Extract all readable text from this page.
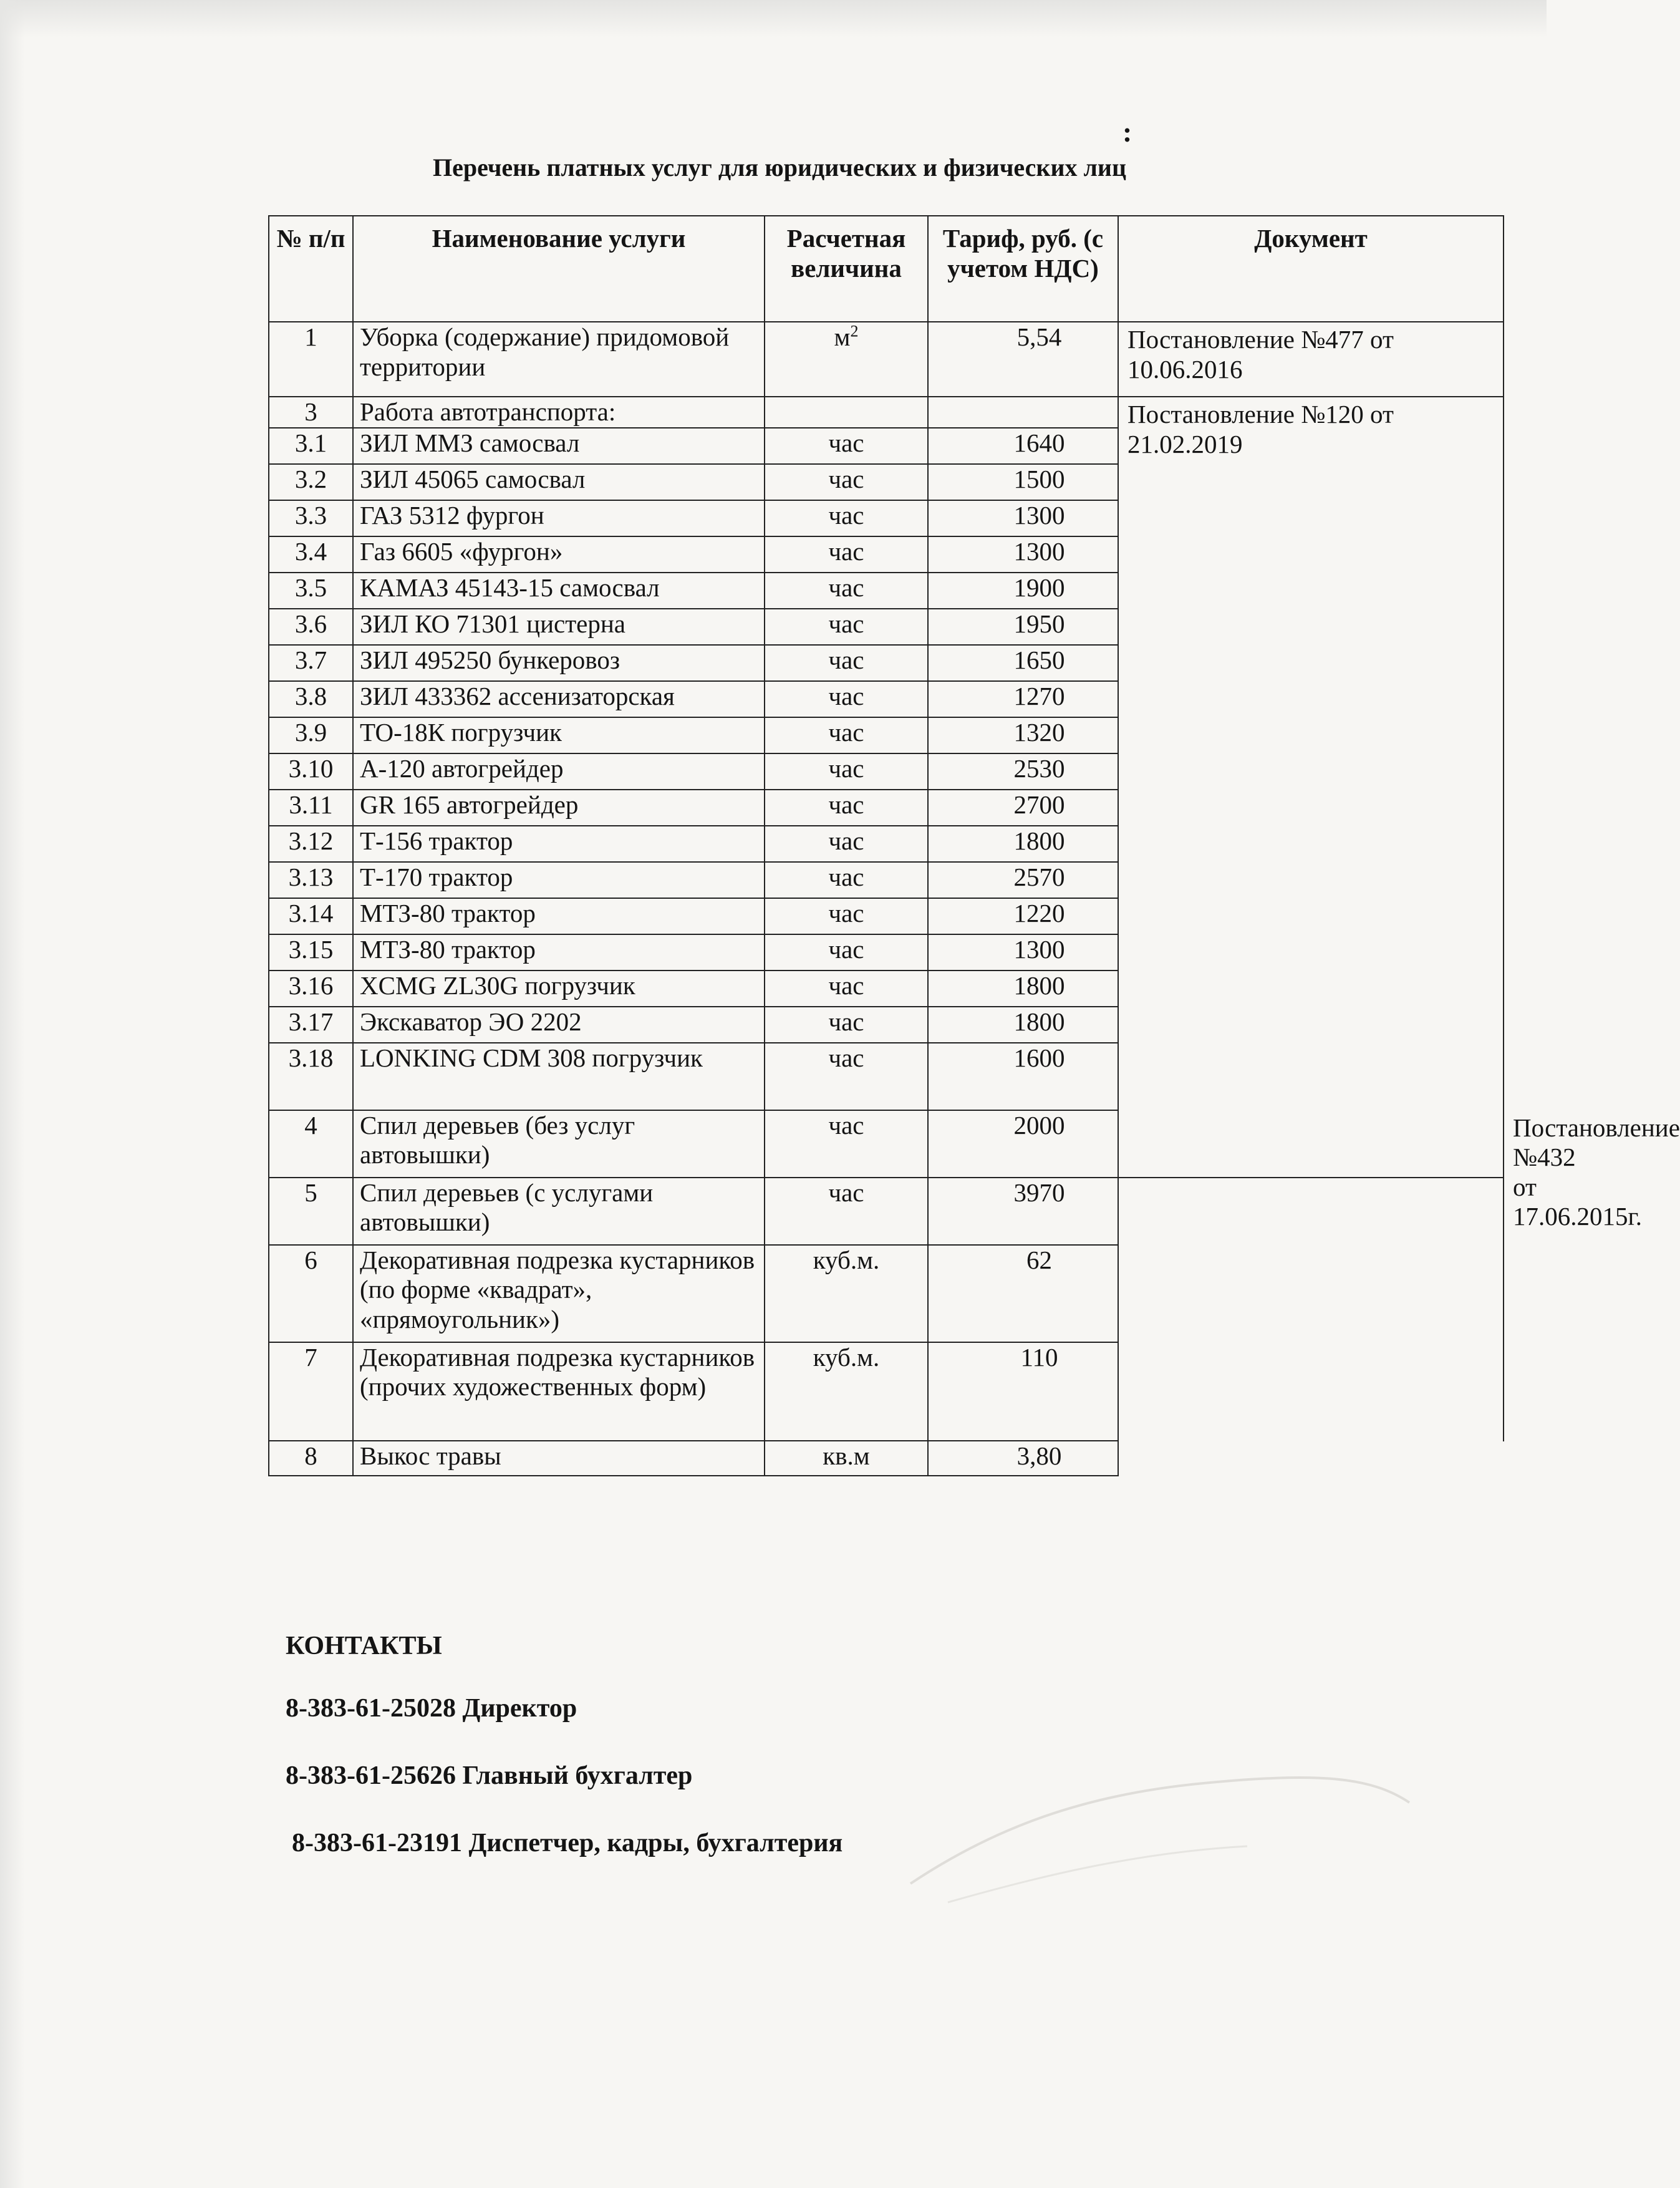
:
Перечень платных услуг для юридических и физических лиц
№ п/п	Наименование услуги	Расчетная величина	Тариф, руб. (с учетом НДС)	Документ	
1	Уборка (содержание) придомовой территории	$м^2$	5,54	Постановление №477 от 10.06.2016	
3	Работа автотранспорта:			Постановление №120 от 21.02.2019	
3.1	ЗИЛ ММЗ самосвал	час	1640		
3.2	ЗИЛ 45065 самосвал	час	1500		
3.3	ГАЗ 5312 фургон	час	1300		
3.4	Газ 6605 «фургон»	час	1300		
3.5	КАМАЗ 45143-15 самосвал	час	1900		
3.6	ЗИЛ КО 71301 цистерна	час	1950		
3.7	ЗИЛ 495250 бункеровоз	час	1650		
3.8	ЗИЛ 433362 ассенизаторская	час	1270		
3.9	ТО-18К погрузчик	час	1320		
3.10	А-120 автогрейдер	час	2530		
3.11	GR 165 автогрейдер	час	2700		
3.12	Т-156 трактор	час	1800		
3.13	Т-170 трактор	час	2570		
3.14	МТЗ-80 трактор	час	1220		
3.15	МТЗ-80 трактор	час	1300		
3.16	XCMG ZL30G погрузчик	час	1800		
3.17	Экскаватор ЭО 2202	час	1800		
3.18	LONKING CDM 308 погрузчик	час	1600		
4	Спил деревьев (без услуг автовышки)	час	2000		Постановление №432 от 17.06.2015г.
5	Спил деревьев (с услугами автовышки)	час	3970		
6	Декоративная подрезка кустарников (по форме «квадрат», «прямоугольник»)	куб.м.	62		
7	Декоративная подрезка кустарников (прочих художественных форм)	куб.м.	110		
8	Выкос травы	кв.м	3,80		
КОНТАКТЫ
8-383-61-25028 Директор
8-383-61-25626 Главный бухгалтер
8-383-61-23191 Диспетчер, кадры, бухгалтерия
